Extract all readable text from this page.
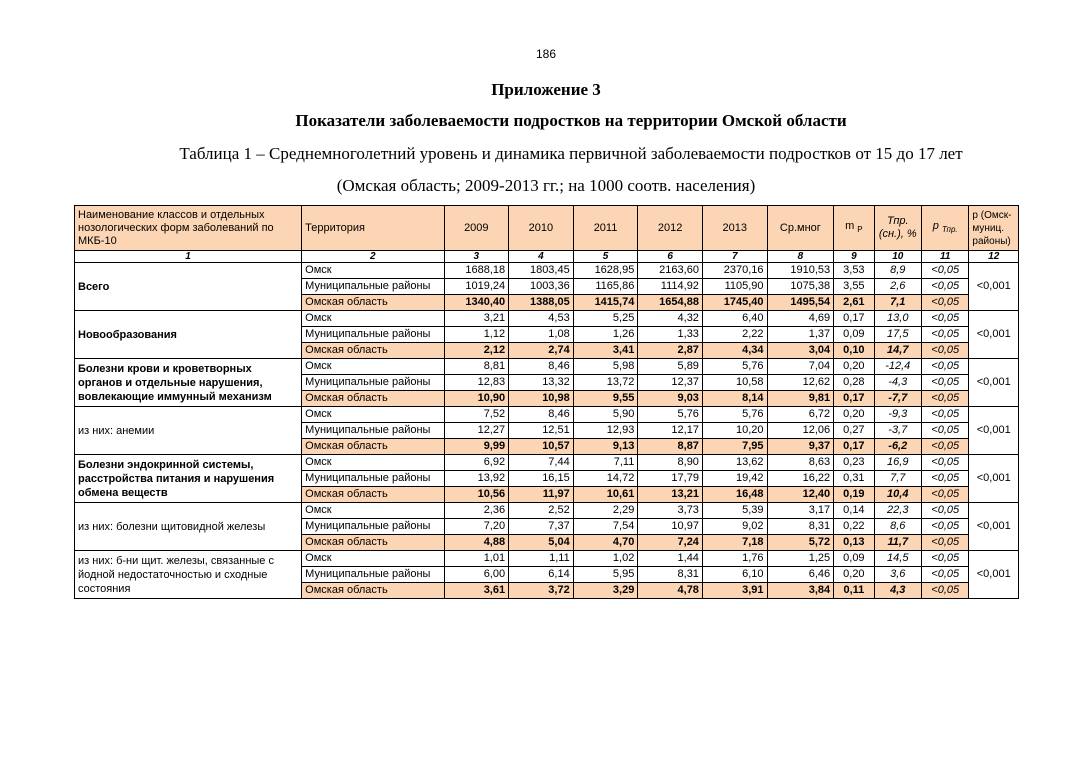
186
Приложение 3
Показатели заболеваемости подростков на территории Омской области
Таблица 1 – Среднемноголетний уровень и динамика первичной заболеваемости подростков от 15 до 17 лет
(Омская область; 2009-2013 гг.; на 1000 соотв. населения)
Наименование классов и отдельных нозологических форм заболеваний по МКБ-10	Территория	2009	2010	2011	2012	2013	Ср.мног	m $_P$	Тпр. (сн.), %	p $_{Тпр.}$	p (Омск-муниц. районы)
1	2	3	4	5	6	7	8	9	10	11	12
Всего	Омск	1688,18	1803,45	1628,95	2163,60	2370,16	1910,53	3,53	8,9	<0,05	<0,001
	Муниципальные районы	1019,24	1003,36	1165,86	1114,92	1105,90	1075,38	3,55	2,6	<0,05	
	Омская область	1340,40	1388,05	1415,74	1654,88	1745,40	1495,54	2,61	7,1	<0,05	
Новообразования	Омск	3,21	4,53	5,25	4,32	6,40	4,69	0,17	13,0	<0,05	<0,001
	Муниципальные районы	1,12	1,08	1,26	1,33	2,22	1,37	0,09	17,5	<0,05	
	Омская область	2,12	2,74	3,41	2,87	4,34	3,04	0,10	14,7	<0,05	
Болезни крови и кроветворных органов и отдельные нарушения, вовлекающие иммунный механизм	Омск	8,81	8,46	5,98	5,89	5,76	7,04	0,20	-12,4	<0,05	<0,001
	Муниципальные районы	12,83	13,32	13,72	12,37	10,58	12,62	0,28	-4,3	<0,05	
	Омская область	10,90	10,98	9,55	9,03	8,14	9,81	0,17	-7,7	<0,05	
из них: анемии	Омск	7,52	8,46	5,90	5,76	5,76	6,72	0,20	-9,3	<0,05	<0,001
	Муниципальные районы	12,27	12,51	12,93	12,17	10,20	12,06	0,27	-3,7	<0,05	
	Омская область	9,99	10,57	9,13	8,87	7,95	9,37	0,17	-6,2	<0,05	
Болезни эндокринной системы, расстройства питания и нарушения обмена веществ	Омск	6,92	7,44	7,11	8,90	13,62	8,63	0,23	16,9	<0,05	<0,001
	Муниципальные районы	13,92	16,15	14,72	17,79	19,42	16,22	0,31	7,7	<0,05	
	Омская область	10,56	11,97	10,61	13,21	16,48	12,40	0,19	10,4	<0,05	
из них: болезни щитовидной железы	Омск	2,36	2,52	2,29	3,73	5,39	3,17	0,14	22,3	<0,05	<0,001
	Муниципальные районы	7,20	7,37	7,54	10,97	9,02	8,31	0,22	8,6	<0,05	
	Омская область	4,88	5,04	4,70	7,24	7,18	5,72	0,13	11,7	<0,05	
из них: б-ни щит. железы, связанные с йодной недостаточностью и сходные состояния	Омск	1,01	1,11	1,02	1,44	1,76	1,25	0,09	14,5	<0,05	<0,001
	Муниципальные районы	6,00	6,14	5,95	8,31	6,10	6,46	0,20	3,6	<0,05	
	Омская область	3,61	3,72	3,29	4,78	3,91	3,84	0,11	4,3	<0,05	
